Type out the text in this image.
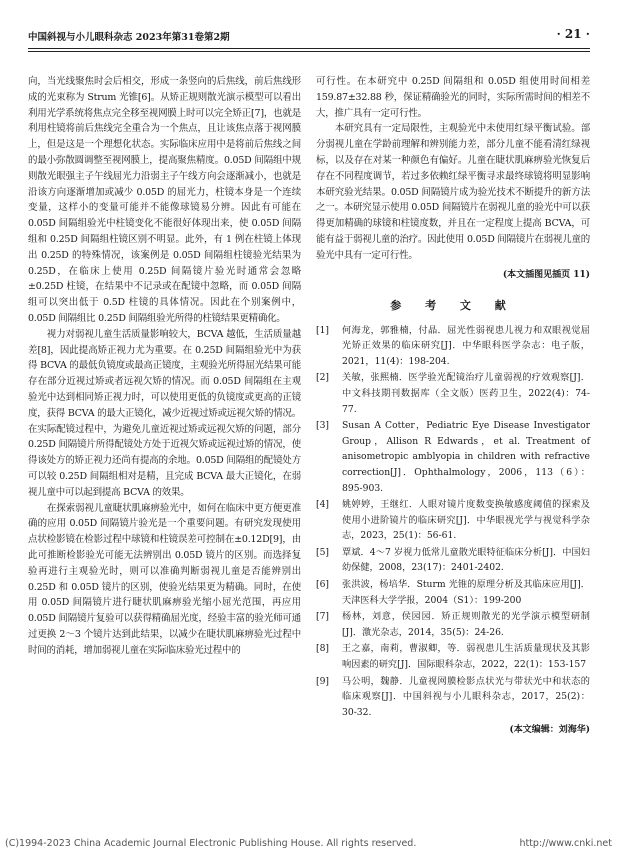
中国斜视与小儿眼科杂志 2023年第31卷第2期	· 21 ·

向，当光线聚焦时会后相交，形成一条竖向的后焦线，前后焦线形成的光束称为 Strum 光锥[6]。从矫正规则散光演示模型可以看出利用光学系统将焦点完全移至视网膜上时可以完全矫正[7]，也就是利用柱镜将前后焦线完全重合为一个焦点，且让该焦点落于视网膜上，但是这是一个理想化状态。实际临床应用中是将前后焦线之间的最小弥散圆调整至视网膜上，提高聚焦精度。0.05D 间隔组中规则散光眼强主子午线屈光力沿弱主子午线方向会逐渐减小，也就是沿该方向逐渐增加或减少 0.05D 的屈光力，柱镜本身是一个连续变量，这样小的变量可能并不能像球镜易分辨。因此有可能在 0.05D 间隔组验光中柱镜变化不能很好体现出来，使 0.05D 间隔组和 0.25D 间隔组柱镜区别不明显。此外，有 1 例在柱镜上体现出 0.25D 的特殊情况，该案例是 0.05D 间隔组柱镜验光结果为 0.25D，在临床上使用 0.25D 间隔镜片验光时通常会忽略 ±0.25D 柱镜，在结果中不记录或在配镜中忽略，而 0.05D 间隔组可以突出低于 0.5D 柱镜的具体情况。因此在个别案例中，0.05D 间隔组比 0.25D 间隔组验光所得的柱镜结果更精确化。

视力对弱视儿童生活质量影响较大，BCVA 越低，生活质量越差[8]，因此提高矫正视力尤为重要。在 0.25D 间隔组验光中为获得 BCVA 的最低负镜度或最高正镜度，主观验光所得屈光结果可能存在部分近视过矫或者远视欠矫的情况。而 0.05D 间隔组在主观验光中达到相同矫正视力时，可以使用更低的负镜度或更高的正镜度，获得 BCVA 的最大正镜化，减少近视过矫或远视欠矫的情况。在实际配镜过程中，为避免儿童近视过矫或远视欠矫的问题，部分 0.25D 间隔镜片所得配镜处方处于近视欠矫或远视过矫的情况，使得该处方的矫正视力还尚有提高的余地。0.05D 间隔组的配镜处方可以较 0.25D 间隔组相对是精，且完成 BCVA 最大正镜化，在弱视儿童中可以起到提高 BCVA 的效果。

在探索弱视儿童睫状肌麻痹验光中，如何在临床中更方便更准确的应用 0.05D 间隔镜片验光是一个重要问题。有研究发现使用点状检影镜在检影过程中球镜和柱镜误差可控制在±0.12D[9]，由此可推断检影验光可能无法辨别出 0.05D 镜片的区别。而选择复验再进行主观验光时，则可以准确判断弱视儿童是否能辨别出 0.25D 和 0.05D 镜片的区别，使验光结果更为精确。同时，在使用 0.05D 间隔镜片进行睫状肌麻痹验光缩小屈光范围，再应用 0.05D 间隔镜片复验可以获得精确屈光度，经验丰富的验光师可通过更换 2～3 个镜片达到此结果，以减少在睫状肌麻痹验光过程中时间的消耗，增加弱视儿童在实际临床验光过程中的

可行性。在本研究中 0.25D 间隔组和 0.05D 组使用时间相差 159.87±32.88 秒，保证精确验光的同时，实际所需时间的相差不大，推广具有一定可行性。

本研究具有一定局限性，主观验光中未使用红绿平衡试验。部分弱视儿童在学龄前理解和辨别能力差，部分儿童不能看清红绿视标，以及存在对某一种颜色有偏好。儿童在睫状肌麻痹验光恢复后存在不同程度调节，若过多依赖红绿平衡寻求最终球镜将明显影响本研究验光结果。0.05D 间隔镜片成为验光技术不断提升的新方法之一。本研究显示使用 0.05D 间隔镜片在弱视儿童的验光中可以获得更加精确的球镜和柱镜度数，并且在一定程度上提高 BCVA，可能有益于弱视儿童的治疗。因此使用 0.05D 间隔镜片在弱视儿童的验光中具有一定可行性。

(本文插图见插页 11)
参 考 文 献
[1]	何海龙，郭雅楠，付晶．屈光性弱视患儿视力和双眼视觉屈光矫正效果的临床研究[J]．中华眼科医学杂志：电子版，2021，11(4)：198-204.
[2]	关敏，张熙楠．医学验光配镜治疗儿童弱视的疗效观察[J]．中文科技期刊数据库（全文版）医药卫生，2022(4)：74-77.
[3]	Susan A Cotter，Pediatric Eye Disease Investigator Group，Allison R Edwards，et al. Treatment of anisometropic amblyopia in children with refractive correction[J]．Ophthalmology，2006，113（6）：895-903.
[4]	姚婷婷，王继红．人眼对镜片度数变换敏感度阈值的探索及使用小进阶镜片的临床研究[J]．中华眼视光学与视觉科学杂志，2023，25(1)：56-61.
[5]	覃斌．4～7 岁视力低常儿童散光眼特征临床分析[J]．中国妇幼保健，2008，23(17)：2401-2402.
[6]	张洪波，杨培华．Sturm 光锥的原理分析及其临床应用[J]．天津医科大学学报，2004（S1）：199-200
[7]	杨林，刘意，侯园园．矫正规则散光的光学演示模型研制[J]．激光杂志，2014，35(5)：24-26.
[8]	王之嘉，南莉，曹淑卿，等．弱视患儿生活质量现状及其影响因素的研究[J]．国际眼科杂志，2022，22(1)：153-157
[9]	马公明，魏静．儿童视网膜检影点状光与带状光中和状态的临床观察[J]．中国斜视与小儿眼科杂志，2017，25(2)：30-32.
(本文编辑：刘海华)
(C)1994-2023 China Academic Journal Electronic Publishing House. All rights reserved.	http://www.cnki.net
